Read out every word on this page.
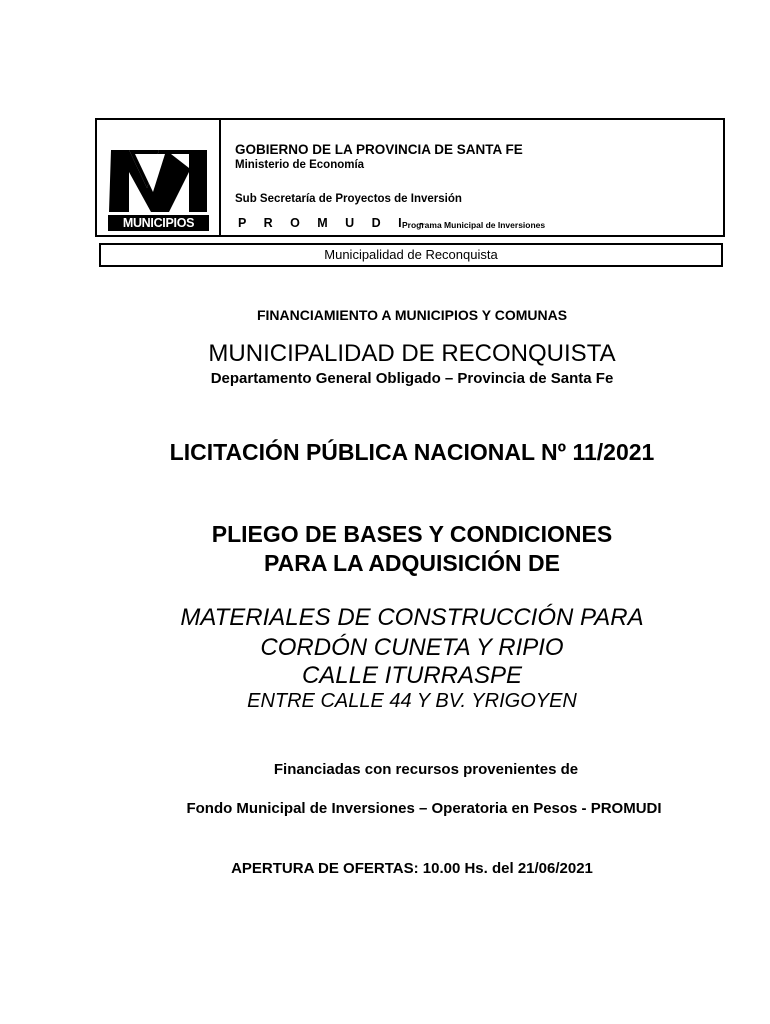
MUNICIPIOS
GOBIERNO DE LA PROVINCIA DE SANTA FE
Ministerio de Economía
Sub Secretaría de Proyectos de Inversión
P R O M U D I -
Programa Municipal de Inversiones
Municipalidad de Reconquista
FINANCIAMIENTO A MUNICIPIOS Y COMUNAS
MUNICIPALIDAD DE RECONQUISTA
Departamento General Obligado – Provincia de Santa Fe
LICITACIÓN PÚBLICA NACIONAL Nº 11/2021
PLIEGO DE BASES Y CONDICIONES
PARA LA ADQUISICIÓN DE
MATERIALES DE CONSTRUCCIÓN PARA
CORDÓN CUNETA Y RIPIO
CALLE ITURRASPE
ENTRE CALLE 44 Y BV. YRIGOYEN
Financiadas con recursos provenientes de
Fondo Municipal de Inversiones – Operatoria en Pesos - PROMUDI
APERTURA DE OFERTAS: 10.00 Hs. del 21/06/2021
